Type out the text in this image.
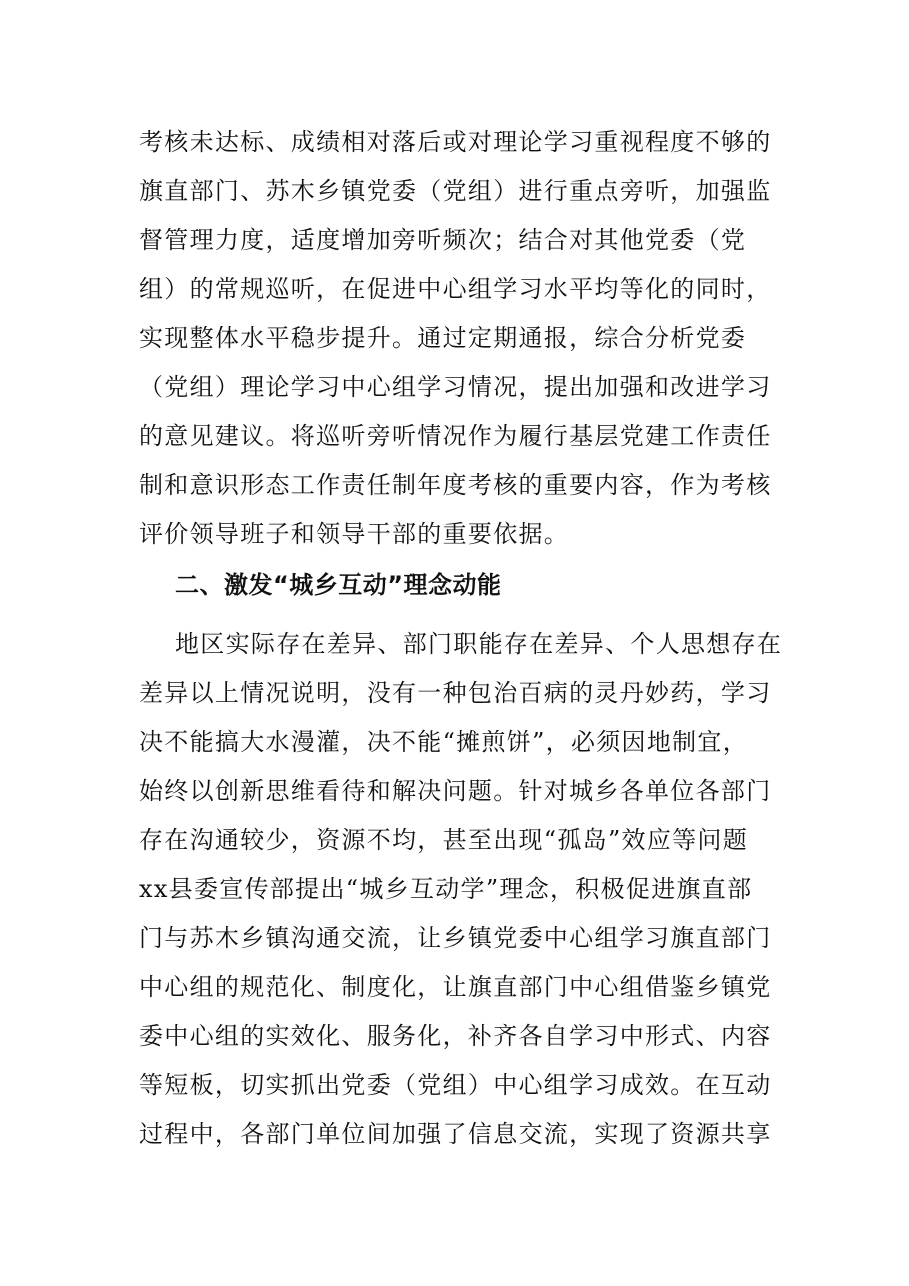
考核未达标、成绩相对落后或对理论学习重视程度不够的
旗直部门、苏木乡镇党委（党组）进行重点旁听，加强监
督管理力度，适度增加旁听频次；结合对其他党委（党
组）的常规巡听，在促进中心组学习水平均等化的同时，
实现整体水平稳步提升。通过定期通报，综合分析党委
（党组）理论学习中心组学习情况，提出加强和改进学习
的意见建议。将巡听旁听情况作为履行基层党建工作责任
制和意识形态工作责任制年度考核的重要内容，作为考核
评价领导班子和领导干部的重要依据。
二、激发“城乡互动”理念动能
地区实际存在差异、部门职能存在差异、个人思想存在
差异以上情况说明，没有一种包治百病的灵丹妙药，学习
决不能搞大水漫灌，决不能“摊煎饼”，必须因地制宜，
始终以创新思维看待和解决问题。针对城乡各单位各部门
存在沟通较少，资源不均，甚至出现“孤岛”效应等问题
xx县委宣传部提出“城乡互动学”理念，积极促进旗直部
门与苏木乡镇沟通交流，让乡镇党委中心组学习旗直部门
中心组的规范化、制度化，让旗直部门中心组借鉴乡镇党
委中心组的实效化、服务化，补齐各自学习中形式、内容
等短板，切实抓出党委（党组）中心组学习成效。在互动
过程中，各部门单位间加强了信息交流，实现了资源共享
